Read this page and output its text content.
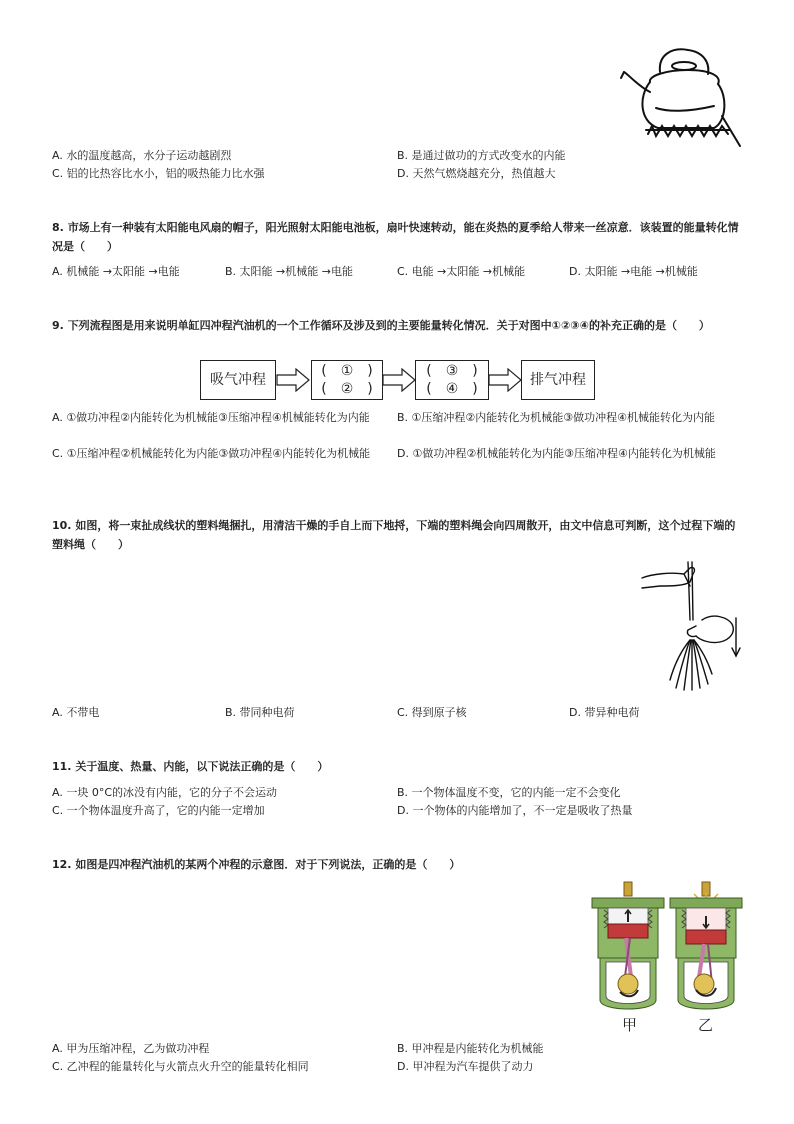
A. 水的温度越高，水分子运动越剧烈	B. 是通过做功的方式改变水的内能
C. 铝的比热容比水小，铝的吸热能力比水强	D. 天然气燃烧越充分，热值越大
8. 市场上有一种装有太阳能电风扇的帽子，阳光照射太阳能电池板，扇叶快速转动，能在炎热的夏季给人带来一丝凉意．该装置的能量转化情况是（　　）
A. 机械能 →太阳能 →电能	B. 太阳能 →机械能 →电能	C. 电能 →太阳能 →机械能	D. 太阳能 →电能 →机械能
9. 下列流程图是用来说明单缸四冲程汽油机的一个工作循环及涉及到的主要能量转化情况．关于对图中①②③④的补充正确的是（　　）
吸气冲程
(　①　)
(　②　)
(　③　)
(　④　)
排气冲程
A. ①做功冲程②内能转化为机械能③压缩冲程④机械能转化为内能	B. ①压缩冲程②内能转化为机械能③做功冲程④机械能转化为内能
C. ①压缩冲程②机械能转化为内能③做功冲程④内能转化为机械能	D. ①做功冲程②机械能转化为内能③压缩冲程④内能转化为机械能
10. 如图，将一束扯成线状的塑料绳捆扎，用清洁干燥的手自上而下地捋，下端的塑料绳会向四周散开，由文中信息可判断，这个过程下端的塑料绳（　　）
A. 不带电	B. 带同种电荷	C. 得到原子核	D. 带异种电荷
11. 关于温度、热量、内能，以下说法正确的是（　　）
A. 一块 0°C的冰没有内能，它的分子不会运动	B. 一个物体温度不变，它的内能一定不会变化
C. 一个物体温度升高了，它的内能一定增加	D. 一个物体的内能增加了，不一定是吸收了热量
12. 如图是四冲程汽油机的某两个冲程的示意图．对于下列说法，正确的是（　　）
甲	乙
A. 甲为压缩冲程，乙为做功冲程	B. 甲冲程是内能转化为机械能
C. 乙冲程的能量转化与火箭点火升空的能量转化相同	D. 甲冲程为汽车提供了动力
